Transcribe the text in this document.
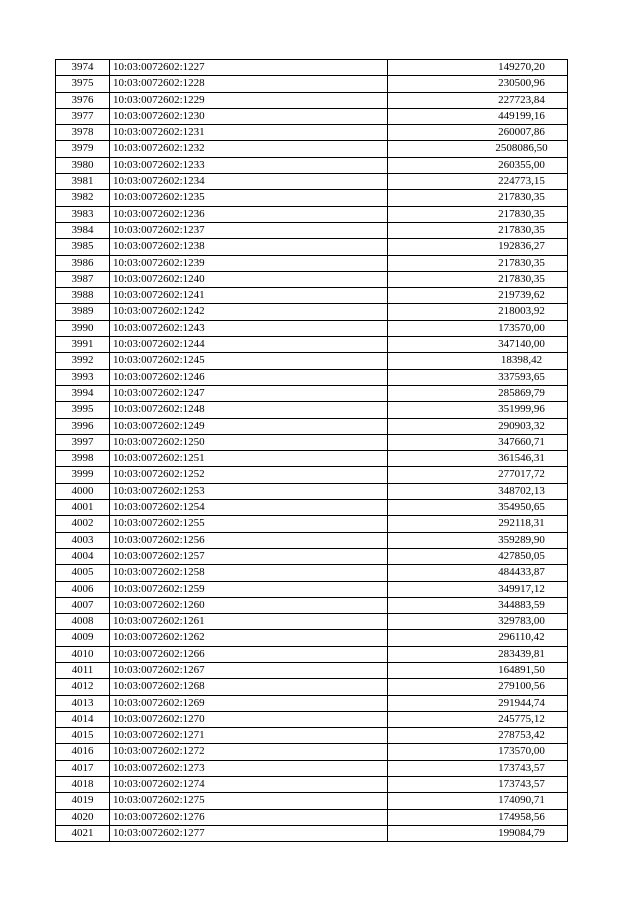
3974	10:03:0072602:1227	149270,20
3975	10:03:0072602:1228	230500,96
3976	10:03:0072602:1229	227723,84
3977	10:03:0072602:1230	449199,16
3978	10:03:0072602:1231	260007,86
3979	10:03:0072602:1232	2508086,50
3980	10:03:0072602:1233	260355,00
3981	10:03:0072602:1234	224773,15
3982	10:03:0072602:1235	217830,35
3983	10:03:0072602:1236	217830,35
3984	10:03:0072602:1237	217830,35
3985	10:03:0072602:1238	192836,27
3986	10:03:0072602:1239	217830,35
3987	10:03:0072602:1240	217830,35
3988	10:03:0072602:1241	219739,62
3989	10:03:0072602:1242	218003,92
3990	10:03:0072602:1243	173570,00
3991	10:03:0072602:1244	347140,00
3992	10:03:0072602:1245	18398,42
3993	10:03:0072602:1246	337593,65
3994	10:03:0072602:1247	285869,79
3995	10:03:0072602:1248	351999,96
3996	10:03:0072602:1249	290903,32
3997	10:03:0072602:1250	347660,71
3998	10:03:0072602:1251	361546,31
3999	10:03:0072602:1252	277017,72
4000	10:03:0072602:1253	348702,13
4001	10:03:0072602:1254	354950,65
4002	10:03:0072602:1255	292118,31
4003	10:03:0072602:1256	359289,90
4004	10:03:0072602:1257	427850,05
4005	10:03:0072602:1258	484433,87
4006	10:03:0072602:1259	349917,12
4007	10:03:0072602:1260	344883,59
4008	10:03:0072602:1261	329783,00
4009	10:03:0072602:1262	296110,42
4010	10:03:0072602:1266	283439,81
4011	10:03:0072602:1267	164891,50
4012	10:03:0072602:1268	279100,56
4013	10:03:0072602:1269	291944,74
4014	10:03:0072602:1270	245775,12
4015	10:03:0072602:1271	278753,42
4016	10:03:0072602:1272	173570,00
4017	10:03:0072602:1273	173743,57
4018	10:03:0072602:1274	173743,57
4019	10:03:0072602:1275	174090,71
4020	10:03:0072602:1276	174958,56
4021	10:03:0072602:1277	199084,79
